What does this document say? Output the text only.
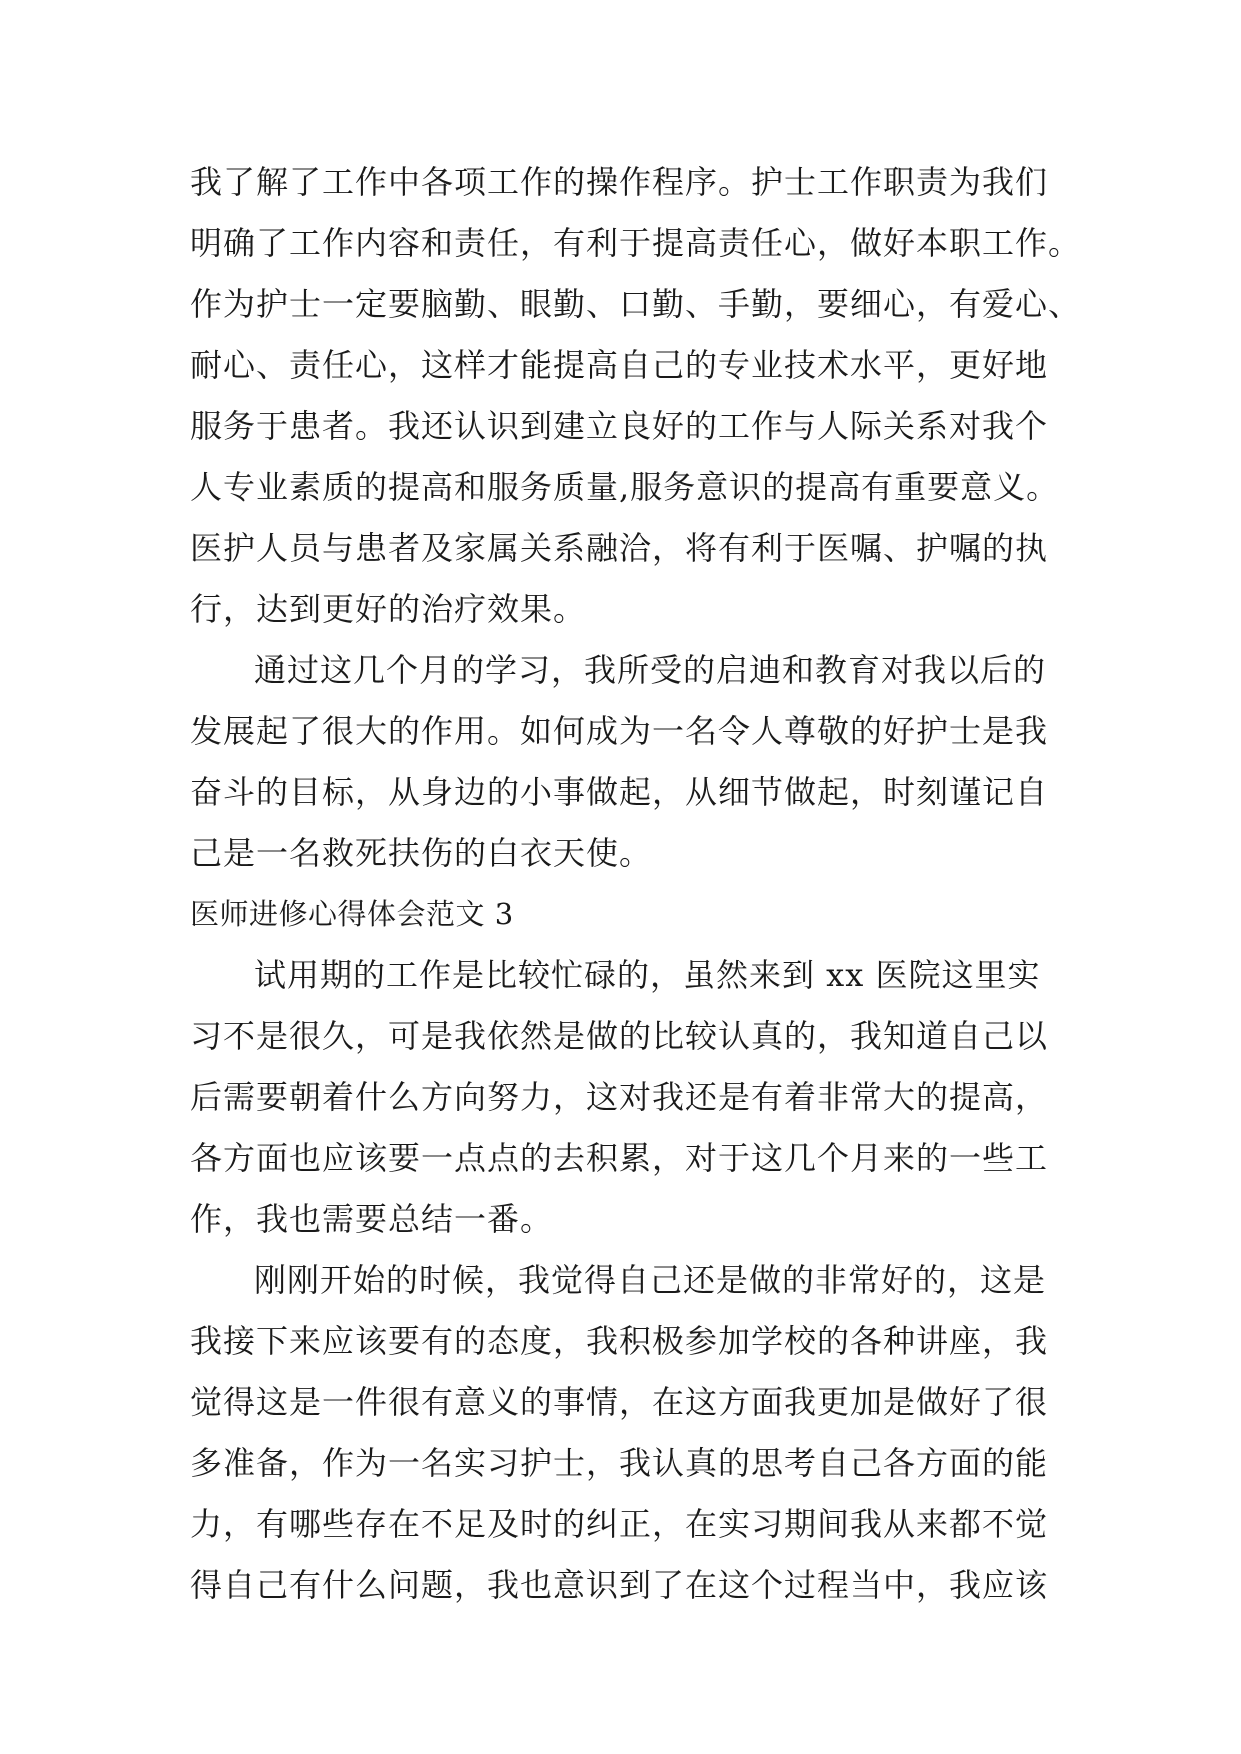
我了解了工作中各项工作的操作程序。护士工作职责为我们
明确了工作内容和责任，有利于提高责任心，做好本职工作。
作为护士一定要脑勤、眼勤、口勤、手勤，要细心，有爱心、
耐心、责任心，这样才能提高自己的专业技术水平，更好地
服务于患者。我还认识到建立良好的工作与人际关系对我个
人专业素质的提高和服务质量,服务意识的提高有重要意义。
医护人员与患者及家属关系融洽，将有利于医嘱、护嘱的执
行，达到更好的治疗效果。
通过这几个月的学习，我所受的启迪和教育对我以后的
发展起了很大的作用。如何成为一名令人尊敬的好护士是我
奋斗的目标，从身边的小事做起，从细节做起，时刻谨记自
己是一名救死扶伤的白衣天使。
医师进修心得体会范文 3
试用期的工作是比较忙碌的，虽然来到 xx 医院这里实
习不是很久，可是我依然是做的比较认真的，我知道自己以
后需要朝着什么方向努力，这对我还是有着非常大的提高，
各方面也应该要一点点的去积累，对于这几个月来的一些工
作，我也需要总结一番。
刚刚开始的时候，我觉得自己还是做的非常好的，这是
我接下来应该要有的态度，我积极参加学校的各种讲座，我
觉得这是一件很有意义的事情，在这方面我更加是做好了很
多准备，作为一名实习护士，我认真的思考自己各方面的能
力，有哪些存在不足及时的纠正，在实习期间我从来都不觉
得自己有什么问题，我也意识到了在这个过程当中，我应该
